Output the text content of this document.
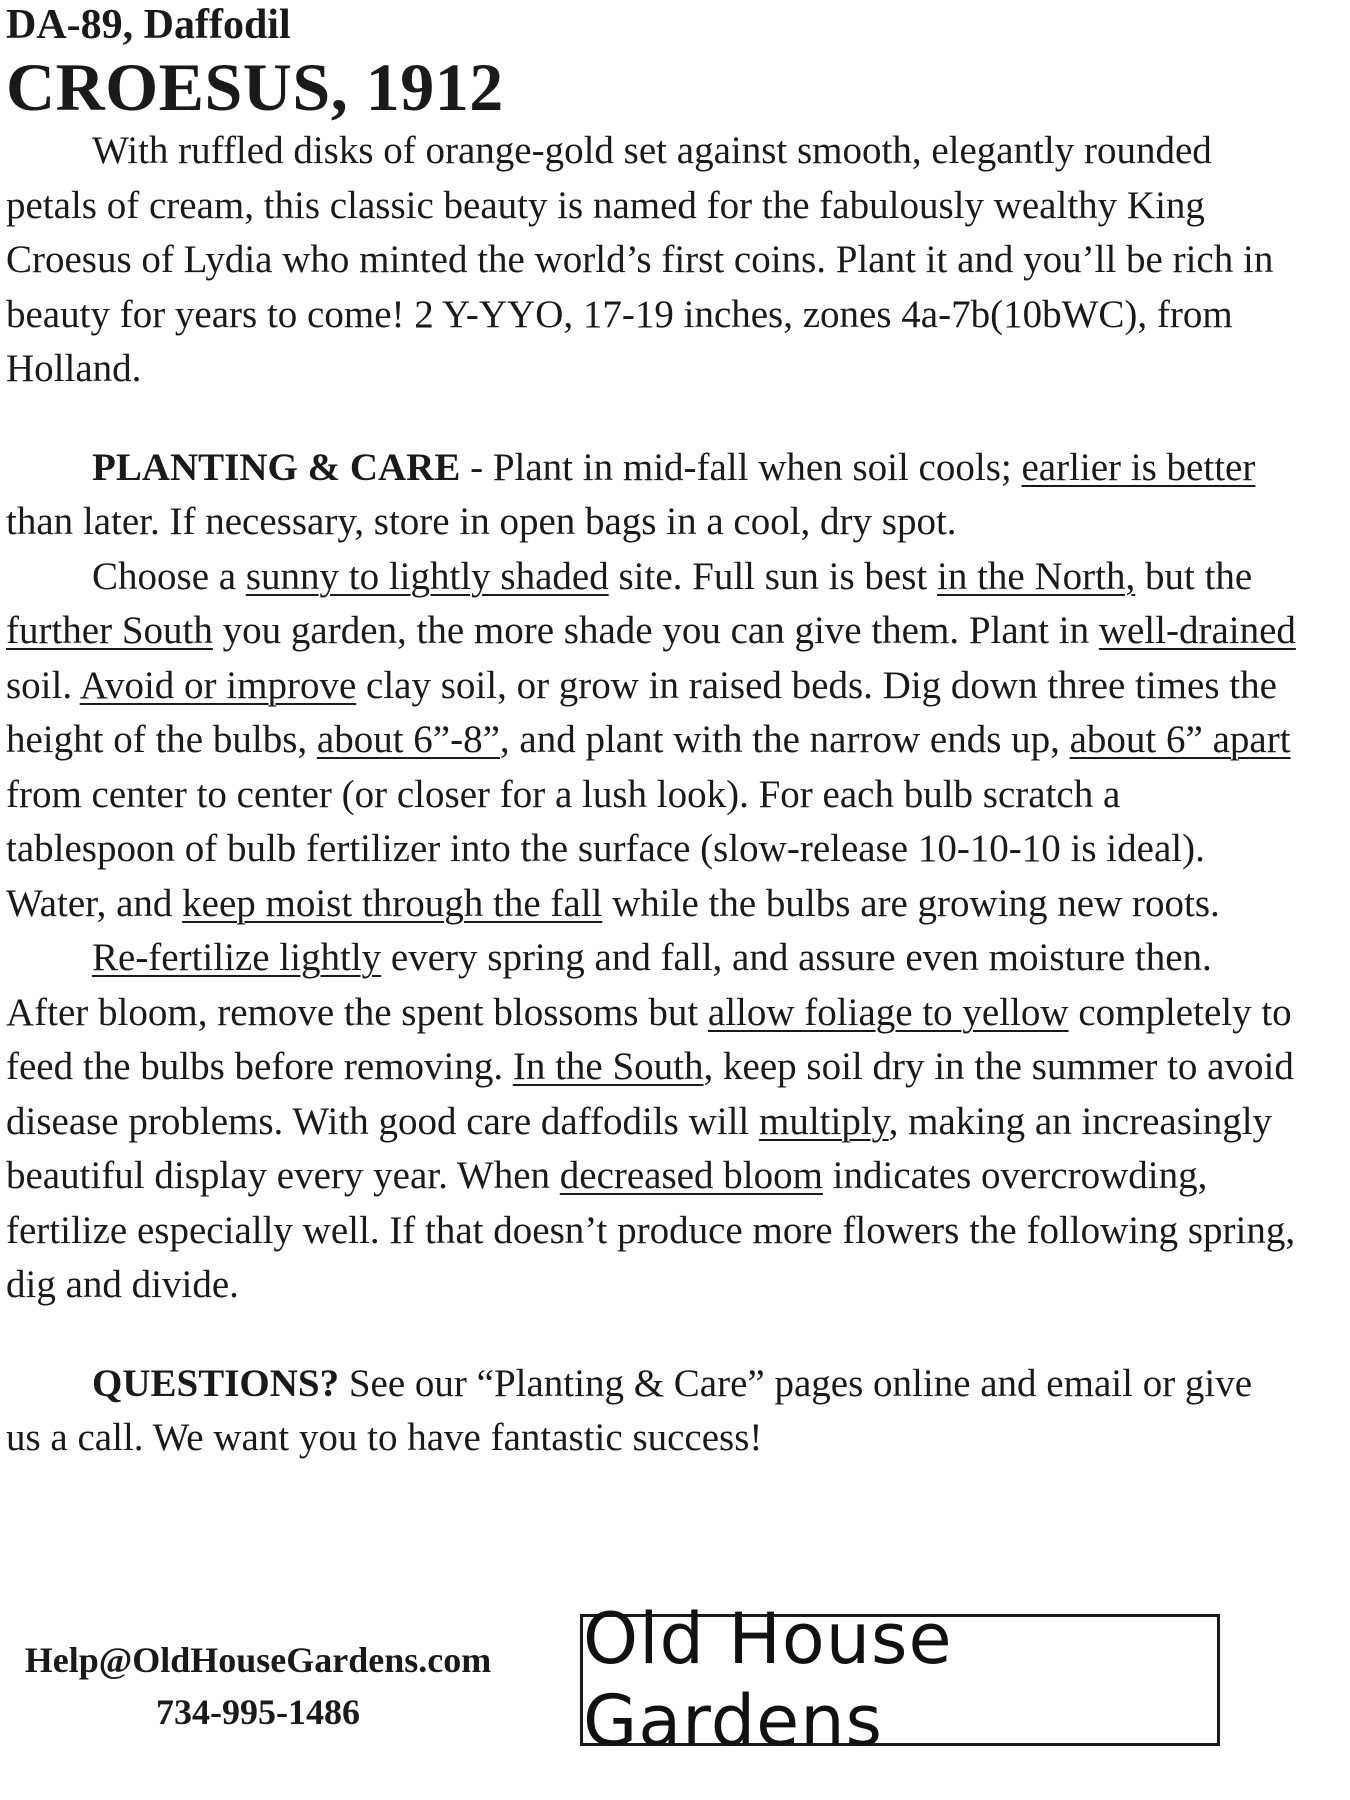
DA-89, Daffodil
CROESUS, 1912

With ruffled disks of orange-gold set against smooth, elegantly rounded petals of cream, this classic beauty is named for the fabulously wealthy King Croesus of Lydia who minted the world’s first coins. Plant it and you’ll be rich in beauty for years to come! 2 Y-YYO, 17-19 inches, zones 4a-7b(10bWC), from Holland.

PLANTING & CARE - Plant in mid-fall when soil cools; earlier is better than later. If necessary, store in open bags in a cool, dry spot.

Choose a sunny to lightly shaded site. Full sun is best in the North, but the further South you garden, the more shade you can give them. Plant in well-drained soil. Avoid or improve clay soil, or grow in raised beds. Dig down three times the height of the bulbs, about 6”-8”, and plant with the narrow ends up, about 6” apart from center to center (or closer for a lush look). For each bulb scratch a tablespoon of bulb fertilizer into the surface (slow-release 10-10-10 is ideal). Water, and keep moist through the fall while the bulbs are growing new roots.

Re-fertilize lightly every spring and fall, and assure even moisture then. After bloom, remove the spent blossoms but allow foliage to yellow completely to feed the bulbs before removing. In the South, keep soil dry in the summer to avoid disease problems. With good care daffodils will multiply, making an increasingly beautiful display every year. When decreased bloom indicates overcrowding, fertilize especially well. If that doesn’t produce more flowers the following spring, dig and divide.

QUESTIONS? See our “Planting & Care” pages online and email or give us a call. We want you to have fantastic success!

Help@OldHouseGardens.com
734-995-1486
Old House Gardens
